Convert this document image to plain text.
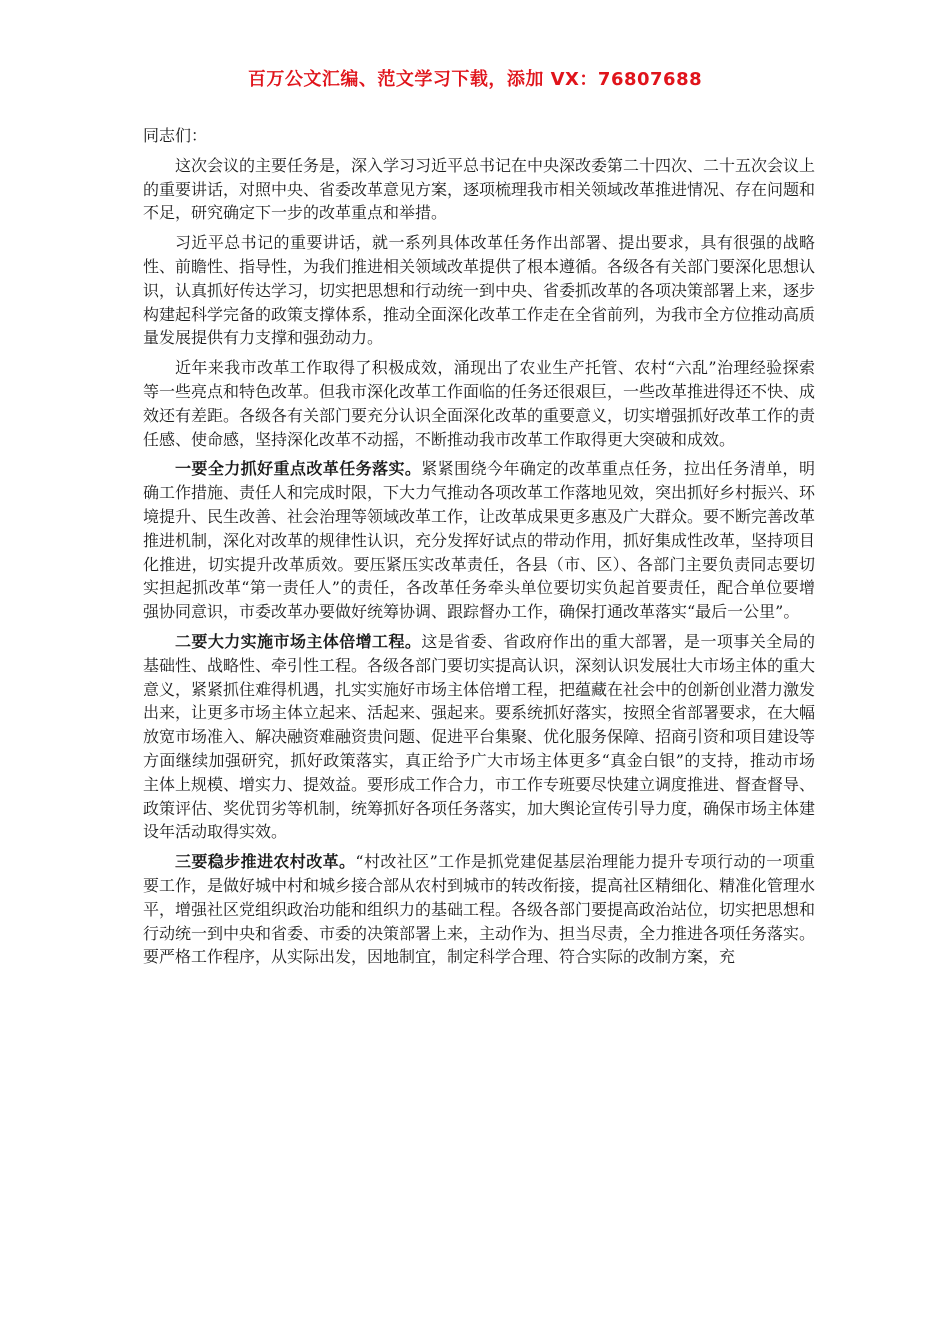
百万公文汇编、范文学习下载，添加 VX：76807688

同志们：

这次会议的主要任务是，深入学习习近平总书记在中央深改委第二十四次、二十五次会议上的重要讲话，对照中央、省委改革意见方案，逐项梳理我市相关领域改革推进情况、存在问题和不足，研究确定下一步的改革重点和举措。

习近平总书记的重要讲话，就一系列具体改革任务作出部署、提出要求，具有很强的战略性、前瞻性、指导性，为我们推进相关领域改革提供了根本遵循。各级各有关部门要深化思想认识，认真抓好传达学习，切实把思想和行动统一到中央、省委抓改革的各项决策部署上来，逐步构建起科学完备的政策支撑体系，推动全面深化改革工作走在全省前列，为我市全方位推动高质量发展提供有力支撑和强劲动力。

近年来我市改革工作取得了积极成效，涌现出了农业生产托管、农村“六乱”治理经验探索等一些亮点和特色改革。但我市深化改革工作面临的任务还很艰巨，一些改革推进得还不快、成效还有差距。各级各有关部门要充分认识全面深化改革的重要意义，切实增强抓好改革工作的责任感、使命感，坚持深化改革不动摇，不断推动我市改革工作取得更大突破和成效。

一要全力抓好重点改革任务落实。紧紧围绕今年确定的改革重点任务，拉出任务清单，明确工作措施、责任人和完成时限，下大力气推动各项改革工作落地见效，突出抓好乡村振兴、环境提升、民生改善、社会治理等领域改革工作，让改革成果更多惠及广大群众。要不断完善改革推进机制，深化对改革的规律性认识，充分发挥好试点的带动作用，抓好集成性改革，坚持项目化推进，切实提升改革质效。要压紧压实改革责任，各县（市、区）、各部门主要负责同志要切实担起抓改革“第一责任人”的责任，各改革任务牵头单位要切实负起首要责任，配合单位要增强协同意识，市委改革办要做好统筹协调、跟踪督办工作，确保打通改革落实“最后一公里”。

二要大力实施市场主体倍增工程。这是省委、省政府作出的重大部署，是一项事关全局的基础性、战略性、牵引性工程。各级各部门要切实提高认识，深刻认识发展壮大市场主体的重大意义，紧紧抓住难得机遇，扎实实施好市场主体倍增工程，把蕴藏在社会中的创新创业潜力激发出来，让更多市场主体立起来、活起来、强起来。要系统抓好落实，按照全省部署要求，在大幅放宽市场准入、解决融资难融资贵问题、促进平台集聚、优化服务保障、招商引资和项目建设等方面继续加强研究，抓好政策落实，真正给予广大市场主体更多“真金白银”的支持，推动市场主体上规模、增实力、提效益。要形成工作合力，市工作专班要尽快建立调度推进、督查督导、政策评估、奖优罚劣等机制，统筹抓好各项任务落实，加大舆论宣传引导力度，确保市场主体建设年活动取得实效。

三要稳步推进农村改革。“村改社区”工作是抓党建促基层治理能力提升专项行动的一项重要工作，是做好城中村和城乡接合部从农村到城市的转改衔接，提高社区精细化、精准化管理水平，增强社区党组织政治功能和组织力的基础工程。各级各部门要提高政治站位，切实把思想和行动统一到中央和省委、市委的决策部署上来，主动作为、担当尽责，全力推进各项任务落实。要严格工作程序，从实际出发，因地制宜，制定科学合理、符合实际的改制方案，充
